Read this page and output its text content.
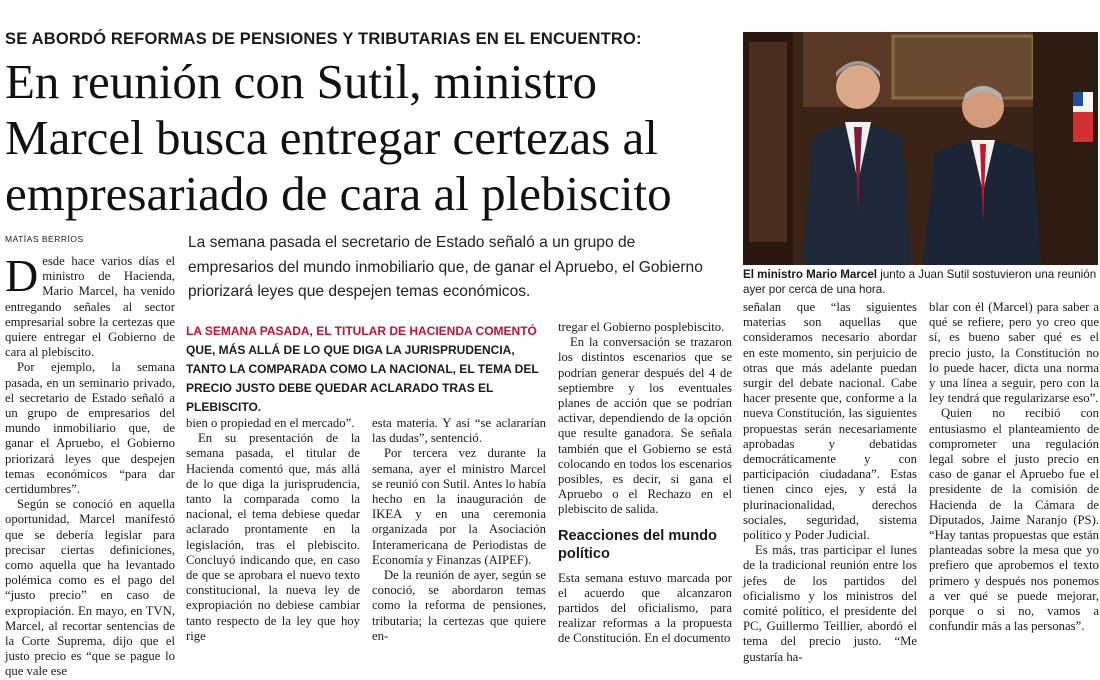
SE ABORDÓ REFORMAS DE PENSIONES Y TRIBUTARIAS EN EL ENCUENTRO:
En reunión con Sutil, ministro
Marcel busca entregar certezas al
empresariado de cara al plebiscito
MATÍAS BERRÍOS	La semana pasada el secretario de Estado señaló a un grupo de empresarios del mundo inmobiliario que, de ganar el Apruebo, el Gobierno priorizará leyes que despejen temas económicos.
El ministro Mario Marcel junto a Juan Sutil sostuvieron una reunión ayer por cerca de una hora.
LA SEMANA PASADA, EL TITULAR DE HACIENDA COMENTÓ QUE, MÁS ALLÁ DE LO QUE DIGA LA JURISPRUDENCIA, TANTO LA COMPARADA COMO LA NACIONAL, EL TEMA DEL PRECIO JUSTO DEBE QUEDAR ACLARADO TRAS EL PLEBISCITO.

Desde hace varios días el ministro de Hacienda, Mario Marcel, ha venido entregando señales al sector empresarial sobre la certezas que quiere entregar el Gobierno de cara al plebiscito.

Por ejemplo, la semana pasada, en un seminario privado, el secretario de Estado señaló a un grupo de empresarios del mundo inmobiliario que, de ganar el Apruebo, el Gobierno priorizará leyes que despejen temas económicos “para dar certidumbres”.

Según se conoció en aquella oportunidad, Marcel manifestó que se debería legislar para precisar ciertas definiciones, como aquella que ha levantado polémica como es el pago del “justo precio” en caso de expropiación. En mayo, en TVN, Marcel, al recortar sentencias de la Corte Suprema, dijo que el justo precio es “que se pague lo que vale ese

bien o propiedad en el mercado”.

En su presentación de la semana pasada, el titular de Hacienda comentó que, más allá de lo que diga la jurisprudencia, tanto la comparada como la nacional, el tema debiese quedar aclarado prontamente en la legislación, tras el plebiscito. Concluyó indicando que, en caso de que se aprobara el nuevo texto constitucional, la nueva ley de expropiación no debiese cambiar tanto respecto de la ley que hoy rige

esta materia. Y así “se aclararían las dudas”, sentenció.

Por tercera vez durante la semana, ayer el ministro Marcel se reunió con Sutil. Antes lo había hecho en la inauguración de IKEA y en una ceremonia organizada por la Asociación Interamericana de Periodistas de Economía y Finanzas (AIPEF).

De la reunión de ayer, según se conoció, se abordaron temas como la reforma de pensiones, tributaria; la certezas que quiere en-

tregar el Gobierno posplebiscito.

En la conversación se trazaron los distintos escenarios que se podrían generar después del 4 de septiembre y los eventuales planes de acción que se podrían activar, dependiendo de la opción que resulte ganadora. Se señala también que el Gobierno se está colocando en todos los escenarios posibles, es decir, si gana el Apruebo o el Rechazo en el plebiscito de salida.

Reacciones del mundo político

Esta semana estuvo marcada por el acuerdo que alcanzaron partidos del oficialismo, para realizar reformas a la propuesta de Constitución. En el documento

señalan que “las siguientes materias son aquellas que consideramos necesario abordar en este momento, sin perjuicio de otras que más adelante puedan surgir del debate nacional. Cabe hacer presente que, conforme a la nueva Constitución, las siguientes propuestas serán necesariamente aprobadas y debatidas democráticamente y con participación ciudadana”. Estas tienen cinco ejes, y está la plurinacionalidad, derechos sociales, seguridad, sistema político y Poder Judicial.

Es más, tras participar el lunes de la tradicional reunión entre los jefes de los partidos del oficialismo y los ministros del comité político, el presidente del PC, Guillermo Teillier, abordó el tema del precio justo. “Me gustaría ha-

blar con él (Marcel) para saber a qué se refiere, pero yo creo que sí, es bueno saber qué es el precio justo, la Constitución no lo puede hacer, dicta una norma y una línea a seguir, pero con la ley tendrá que regularizarse eso”.

Quien no recibió con entusiasmo el planteamiento de comprometer una regulación legal sobre el justo precio en caso de ganar el Apruebo fue el presidente de la comisión de Hacienda de la Cámara de Diputados, Jaime Naranjo (PS). “Hay tantas propuestas que están planteadas sobre la mesa que yo prefiero que aprobemos el texto primero y después nos ponemos a ver qué se puede mejorar, porque o si no, vamos a confundir más a las personas”.
